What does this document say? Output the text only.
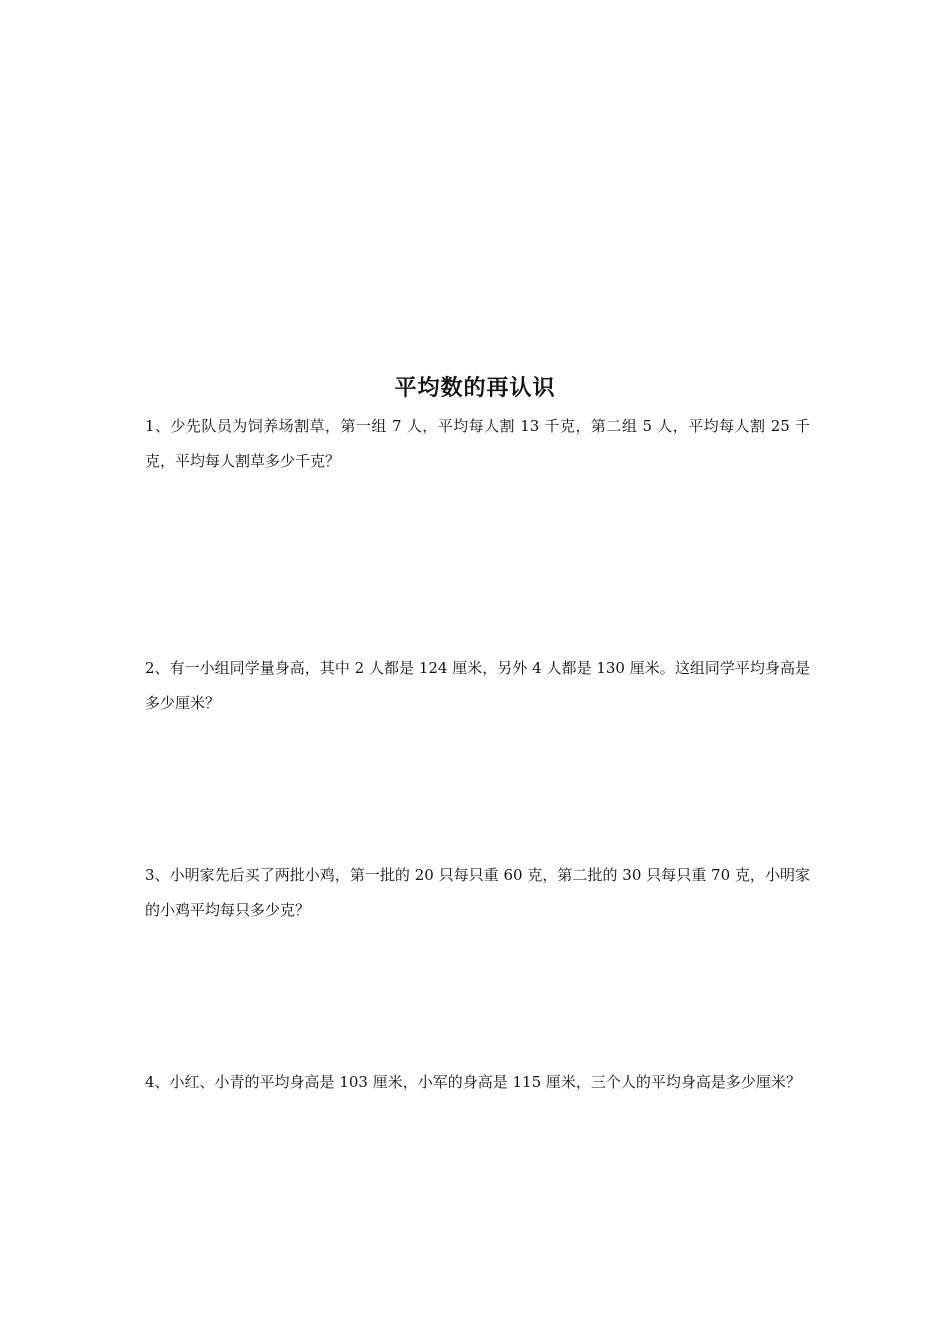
平均数的再认识

1、少先队员为饲养场割草，第一组 7 人，平均每人割 13 千克，第二组 5 人，平均每人割 25 千克，平均每人割草多少千克？

2、有一小组同学量身高，其中 2 人都是 124 厘米，另外 4 人都是 130 厘米。这组同学平均身高是多少厘米？

3、小明家先后买了两批小鸡，第一批的 20 只每只重 60 克，第二批的 30 只每只重 70 克，小明家的小鸡平均每只多少克？

4、小红、小青的平均身高是 103 厘米，小军的身高是 115 厘米，三个人的平均身高是多少厘米？
